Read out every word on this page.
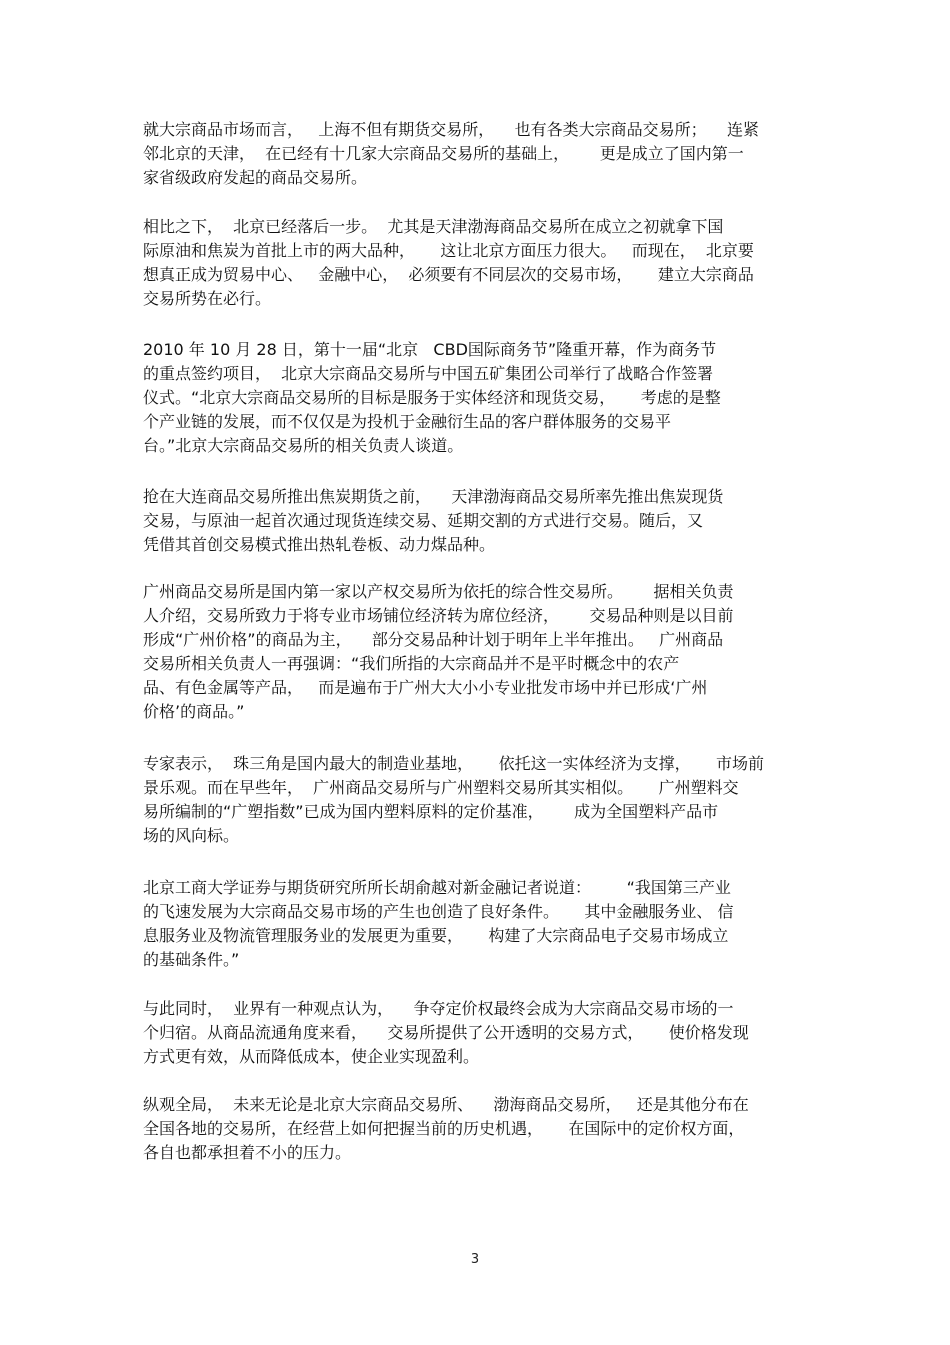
就大宗商品市场而言，   上海不但有期货交易所，    也有各类大宗商品交易所；    连紧

邻北京的天津，  在已经有十几家大宗商品交易所的基础上，      更是成立了国内第一

家省级政府发起的商品交易所。

相比之下，  北京已经落后一步。  尤其是天津渤海商品交易所在成立之初就拿下国

际原油和焦炭为首批上市的两大品种，     这让北京方面压力很大。   而现在，  北京要

想真正成为贸易中心、   金融中心，  必须要有不同层次的交易市场，     建立大宗商品

交易所势在必行。

2010 年 10 月 28 日，第十一届“北京   CBD国际商务节”隆重开幕，作为商务节

的重点签约项目，  北京大宗商品交易所与中国五矿集团公司举行了战略合作签署

仪式。“北京大宗商品交易所的目标是服务于实体经济和现货交易，     考虑的是整

个产业链的发展，而不仅仅是为投机于金融衍生品的客户群体服务的交易平

台。”北京大宗商品交易所的相关负责人谈道。

抢在大连商品交易所推出焦炭期货之前，    天津渤海商品交易所率先推出焦炭现货

交易，与原油一起首次通过现货连续交易、延期交割的方式进行交易。随后，又

凭借其首创交易模式推出热轧卷板、动力煤品种。

广州商品交易所是国内第一家以产权交易所为依托的综合性交易所。      据相关负责

人介绍，交易所致力于将专业市场铺位经济转为席位经济，      交易品种则是以目前

形成“广州价格”的商品为主，    部分交易品种计划于明年上半年推出。   广州商品

交易所相关负责人一再强调：“我们所指的大宗商品并不是平时概念中的农产

品、有色金属等产品，   而是遍布于广州大大小小专业批发市场中并已形成‘广州

价格’的商品。”

专家表示，  珠三角是国内最大的制造业基地，     依托这一实体经济为支撑，     市场前

景乐观。而在早些年，  广州商品交易所与广州塑料交易所其实相似。     广州塑料交

易所编制的“广塑指数”已成为国内塑料原料的定价基准，      成为全国塑料产品市

场的风向标。

北京工商大学证券与期货研究所所长胡俞越对新金融记者说道：       “我国第三产业

的飞速发展为大宗商品交易市场的产生也创造了良好条件。     其中金融服务业、 信

息服务业及物流管理服务业的发展更为重要，     构建了大宗商品电子交易市场成立

的基础条件。”

与此同时，  业界有一种观点认为，    争夺定价权最终会成为大宗商品交易市场的一

个归宿。从商品流通角度来看，    交易所提供了公开透明的交易方式，     使价格发现

方式更有效，从而降低成本，使企业实现盈利。

纵观全局，  未来无论是北京大宗商品交易所、    渤海商品交易所，   还是其他分布在

全国各地的交易所，在经营上如何把握当前的历史机遇，     在国际中的定价权方面，

各自也都承担着不小的压力。

3
